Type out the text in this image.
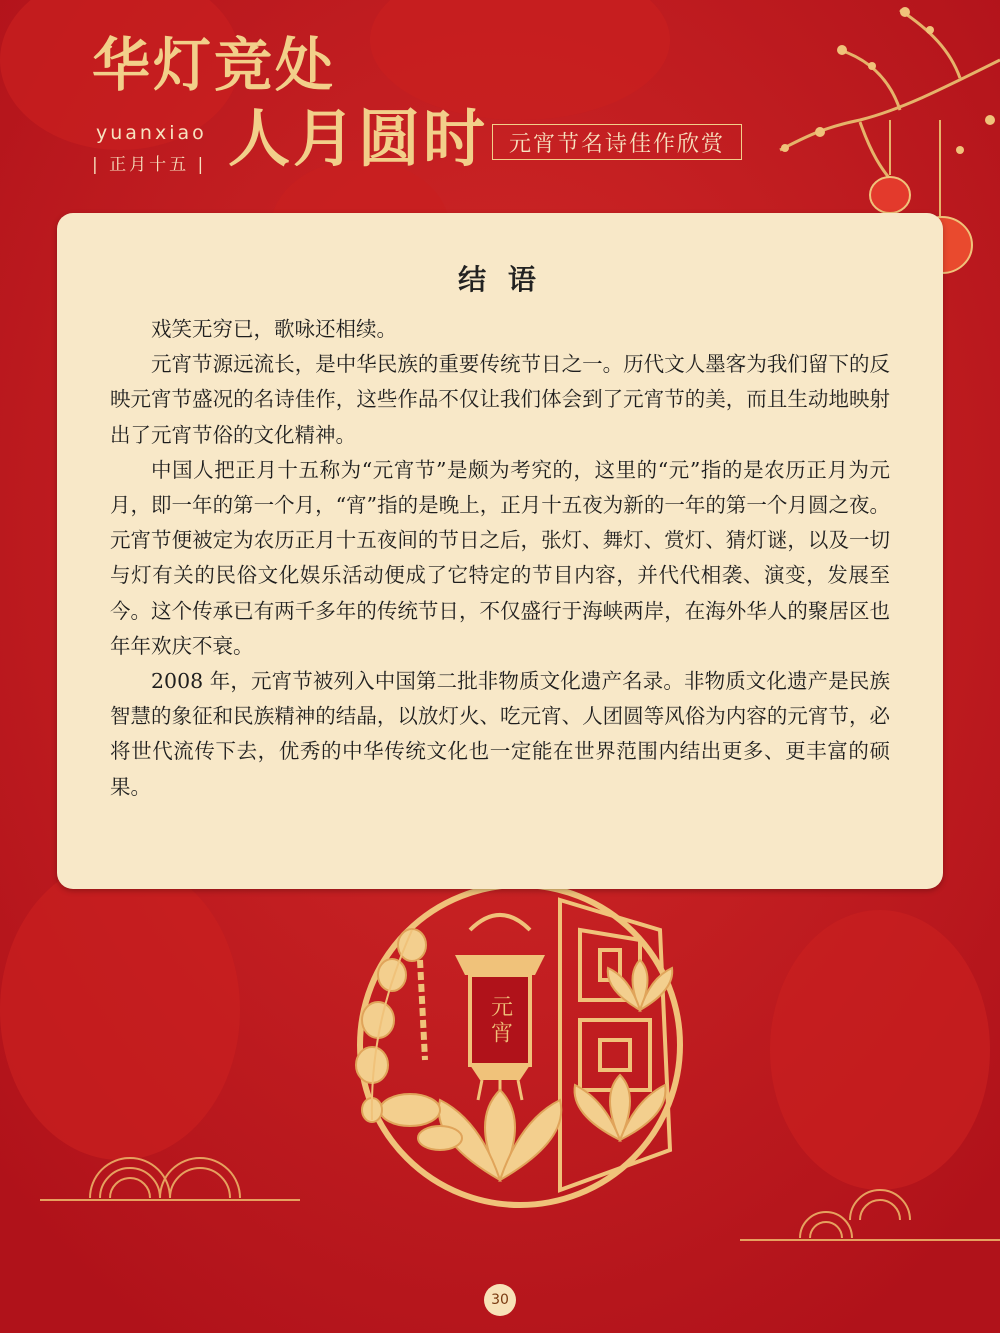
华灯竞处
yuanxiao
| 正月十五 | 人月圆时 元宵节名诗佳作欣赏
结 语

戏笑无穷已，歌咏还相续。

元宵节源远流长，是中华民族的重要传统节日之一。历代文人墨客为我们留下的反映元宵节盛况的名诗佳作，这些作品不仅让我们体会到了元宵节的美，而且生动地映射出了元宵节俗的文化精神。

中国人把正月十五称为“元宵节”是颇为考究的，这里的“元”指的是农历正月为元月，即一年的第一个月，“宵”指的是晚上，正月十五夜为新的一年的第一个月圆之夜。元宵节便被定为农历正月十五夜间的节日之后，张灯、舞灯、赏灯、猜灯谜，以及一切与灯有关的民俗文化娱乐活动便成了它特定的节目内容，并代代相袭、演变，发展至今。这个传承已有两千多年的传统节日，不仅盛行于海峡两岸，在海外华人的聚居区也年年欢庆不衰。

2008 年，元宵节被列入中国第二批非物质文化遗产名录。非物质文化遗产是民族智慧的象征和民族精神的结晶，以放灯火、吃元宵、人团圆等风俗为内容的元宵节，必将世代流传下去，优秀的中华传统文化也一定能在世界范围内结出更多、更丰富的硕果。

元宵
30
